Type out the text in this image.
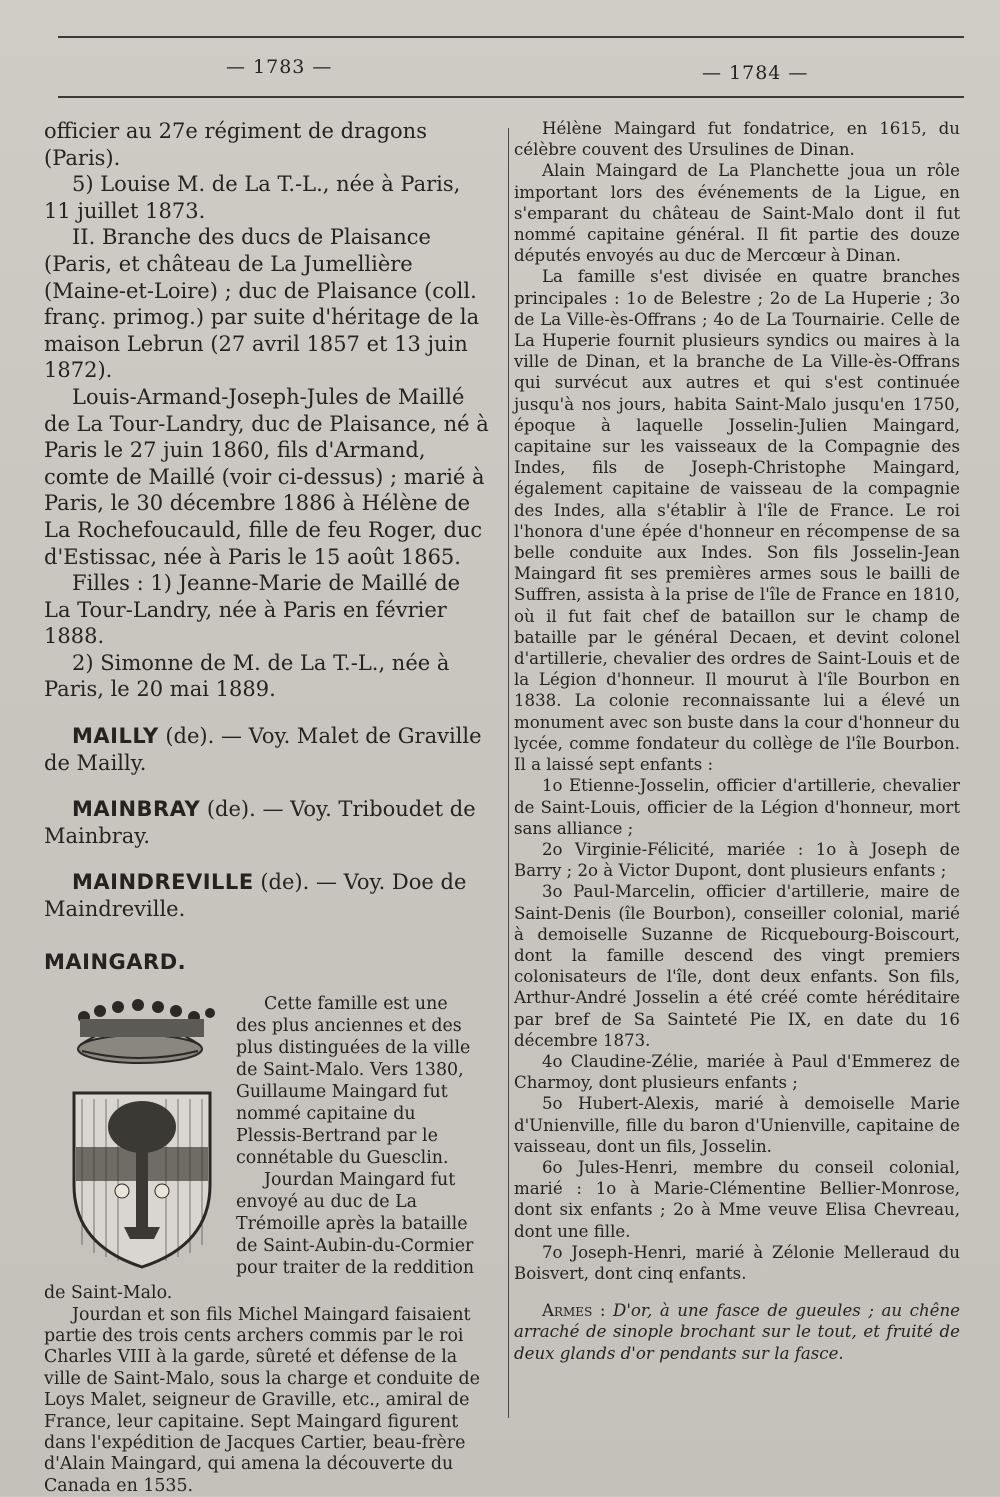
— 1783 —	— 1784 —

officier au 27e régiment de dragons (Paris).

5) Louise M. de La T.-L., née à Paris, 11 juillet 1873.

II. Branche des ducs de Plaisance (Paris, et château de La Jumellière (Maine-et-Loire) ; duc de Plaisance (coll. franç. primog.) par suite d'héritage de la maison Lebrun (27 avril 1857 et 13 juin 1872).

Louis-Armand-Joseph-Jules de Maillé de La Tour-Landry, duc de Plaisance, né à Paris le 27 juin 1860, fils d'Armand, comte de Maillé (voir ci-dessus) ; marié à Paris, le 30 décembre 1886 à Hélène de La Rochefoucauld, fille de feu Roger, duc d'Estissac, née à Paris le 15 août 1865.

Filles : 1) Jeanne-Marie de Maillé de La Tour-Landry, née à Paris en février 1888.

2) Simonne de M. de La T.-L., née à Paris, le 20 mai 1889.

MAILLY (de). — Voy. Malet de Graville de Mailly.

MAINBRAY (de). — Voy. Triboudet de Mainbray.

MAINDREVILLE (de). — Voy. Doe de Maindreville.

MAINGARD.

Cette famille est une des plus anciennes et des plus distinguées de la ville de Saint-Malo. Vers 1380, Guillaume Maingard fut nommé capitaine du Plessis-Bertrand par le connétable du Guesclin.

Jourdan Maingard fut envoyé au duc de La Trémoille après la bataille de Saint-Aubin-du-Cormier pour traiter de la reddition

de Saint-Malo.

Jourdan et son fils Michel Maingard faisaient partie des trois cents archers commis par le roi Charles VIII à la garde, sûreté et défense de la ville de Saint-Malo, sous la charge et conduite de Loys Malet, seigneur de Graville, etc., amiral de France, leur capitaine. Sept Maingard figurent dans l'expédition de Jacques Cartier, beau-frère d'Alain Maingard, qui amena la découverte du Canada en 1535.

Hélène Maingard fut fondatrice, en 1615, du célèbre couvent des Ursulines de Dinan.

Alain Maingard de La Planchette joua un rôle important lors des événements de la Ligue, en s'emparant du château de Saint-Malo dont il fut nommé capitaine général. Il fit partie des douze députés envoyés au duc de Mercœur à Dinan.

La famille s'est divisée en quatre branches principales : 1o de Belestre ; 2o de La Huperie ; 3o de La Ville-ès-Offrans ; 4o de La Tournairie. Celle de La Huperie fournit plusieurs syndics ou maires à la ville de Dinan, et la branche de La Ville-ès-Offrans qui survécut aux autres et qui s'est continuée jusqu'à nos jours, habita Saint-Malo jusqu'en 1750, époque à laquelle Josselin-Julien Maingard, capitaine sur les vaisseaux de la Compagnie des Indes, fils de Joseph-Christophe Maingard, également capitaine de vaisseau de la compagnie des Indes, alla s'établir à l'île de France. Le roi l'honora d'une épée d'honneur en récompense de sa belle conduite aux Indes. Son fils Josselin-Jean Maingard fit ses premières armes sous le bailli de Suffren, assista à la prise de l'île de France en 1810, où il fut fait chef de bataillon sur le champ de bataille par le général Decaen, et devint colonel d'artillerie, chevalier des ordres de Saint-Louis et de la Légion d'honneur. Il mourut à l'île Bourbon en 1838. La colonie reconnaissante lui a élevé un monument avec son buste dans la cour d'honneur du lycée, comme fondateur du collège de l'île Bourbon. Il a laissé sept enfants :

1o Etienne-Josselin, officier d'artillerie, chevalier de Saint-Louis, officier de la Légion d'honneur, mort sans alliance ;

2o Virginie-Félicité, mariée : 1o à Joseph de Barry ; 2o à Victor Dupont, dont plusieurs enfants ;

3o Paul-Marcelin, officier d'artillerie, maire de Saint-Denis (île Bourbon), conseiller colonial, marié à demoiselle Suzanne de Ricquebourg-Boiscourt, dont la famille descend des vingt premiers colonisateurs de l'île, dont deux enfants. Son fils, Arthur-André Josselin a été créé comte héréditaire par bref de Sa Sainteté Pie IX, en date du 16 décembre 1873.

4o Claudine-Zélie, mariée à Paul d'Emmerez de Charmoy, dont plusieurs enfants ;

5o Hubert-Alexis, marié à demoiselle Marie d'Unienville, fille du baron d'Unienville, capitaine de vaisseau, dont un fils, Josselin.

6o Jules-Henri, membre du conseil colonial, marié : 1o à Marie-Clémentine Bellier-Monrose, dont six enfants ; 2o à Mme veuve Elisa Chevreau, dont une fille.

7o Joseph-Henri, marié à Zélonie Melleraud du Boisvert, dont cinq enfants.

Armes : D'or, à une fasce de gueules ; au chêne arraché de sinople brochant sur le tout, et fruité de deux glands d'or pendants sur la fasce.
